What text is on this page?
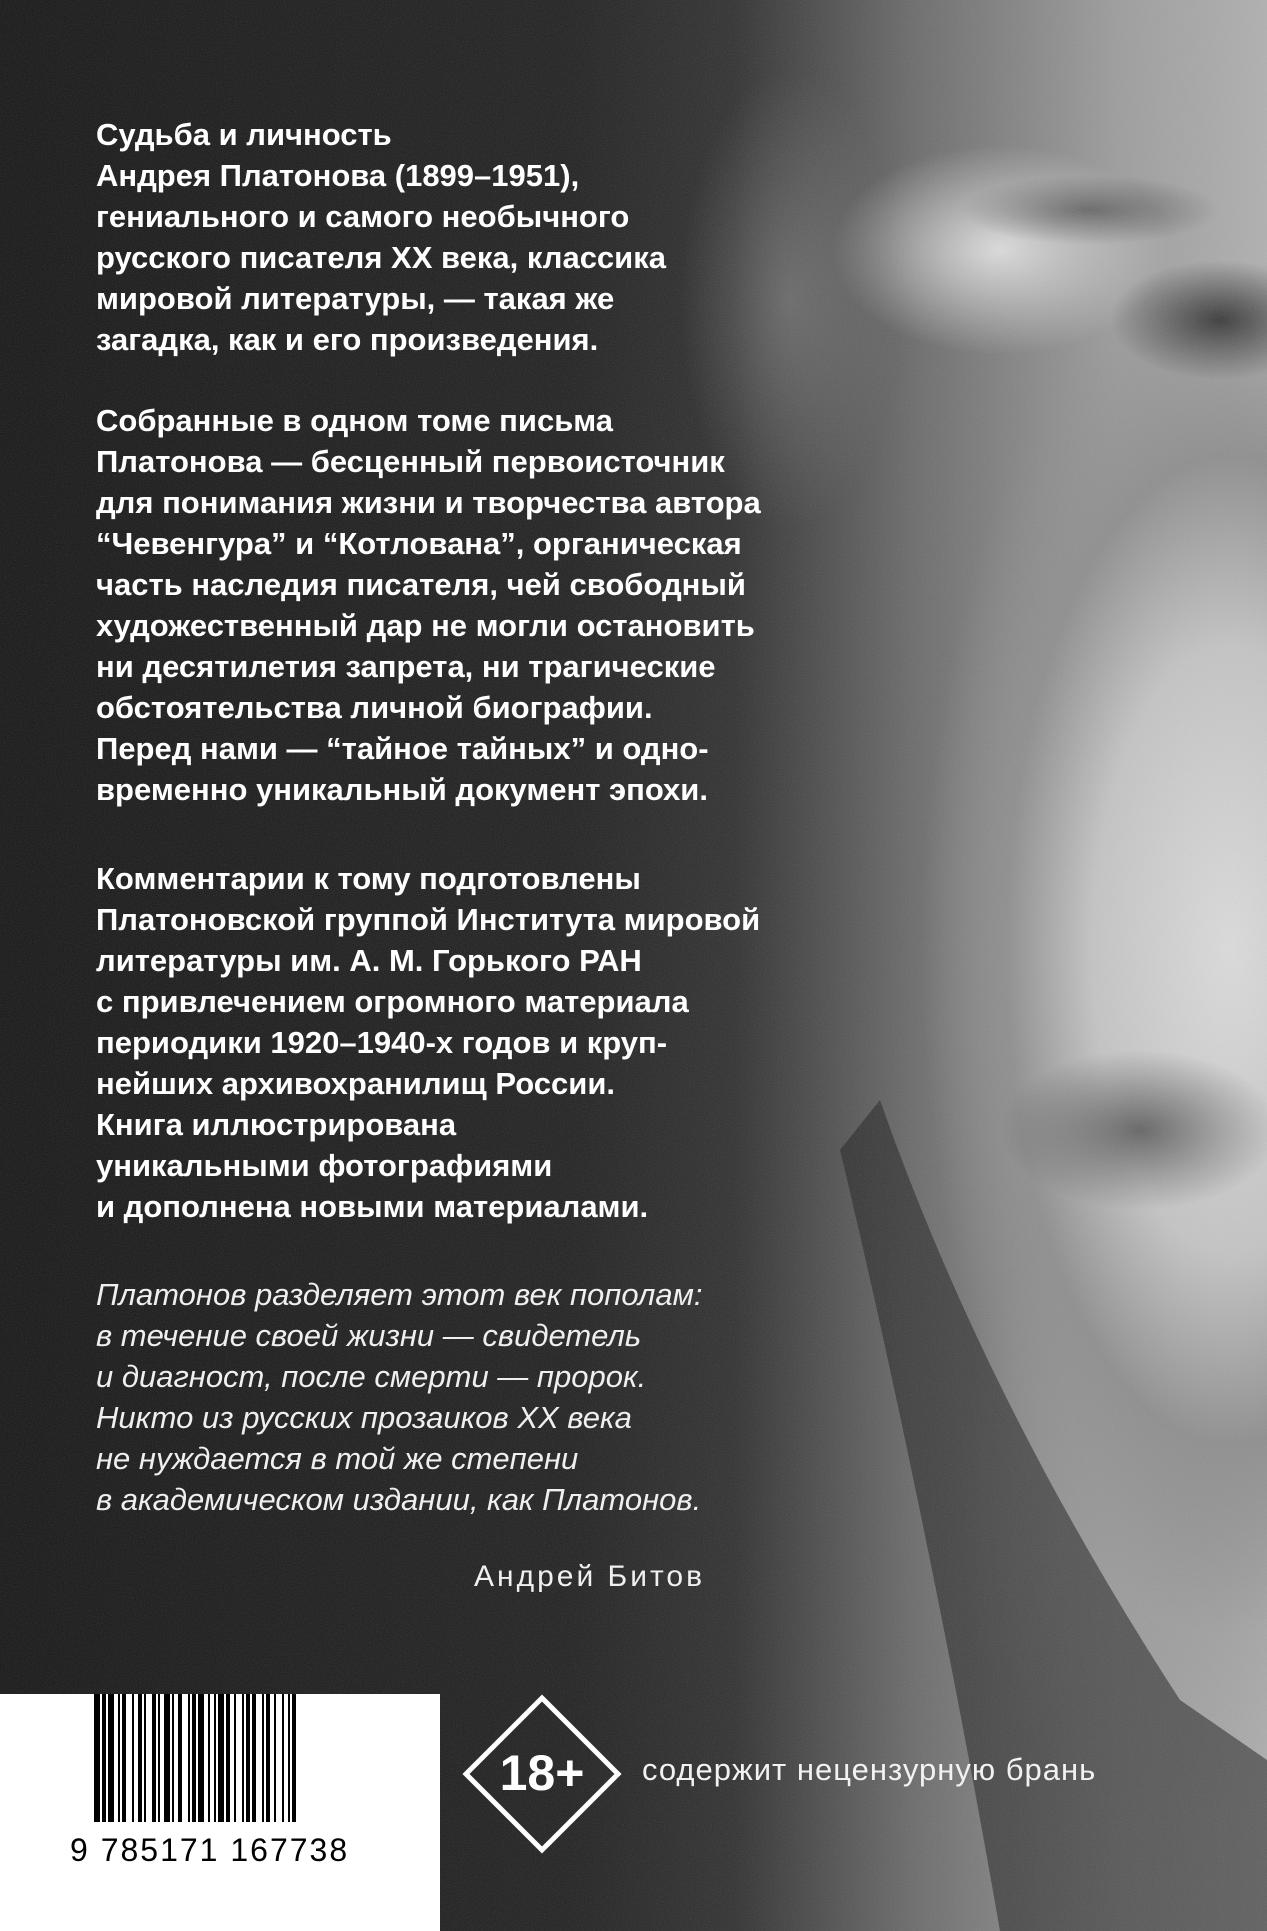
Судьба и личность
Андрея Платонова (1899–1951),
гениального и самого необычного
русского писателя XX века, классика
мировой литературы, — такая же
загадка, как и его произведения.

Собранные в одном томе письма
Платонова — бесценный первоисточник
для понимания жизни и творчества автора
“Чевенгура” и “Котлована”, органическая
часть наследия писателя, чей свободный
художественный дар не могли остановить
ни десятилетия запрета, ни трагические
обстоятельства личной биографии.
Перед нами — “тайное тайных” и одно-
временно уникальный документ эпохи.

Комментарии к тому подготовлены
Платоновской группой Института мировой
литературы им. А. М. Горького РАН
с привлечением огромного материала
периодики 1920–1940-х годов и круп-
нейших архивохранилищ России.
Книга иллюстрирована
уникальными фотографиями
и дополнена новыми материалами.

Платонов разделяет этот век пополам:
в течение своей жизни — свидетель
и диагност, после смерти — пророк.
Никто из русских прозаиков XX века
не нуждается в той же степени
в академическом издании, как Платонов.

Андрей Битов
9 785171 167738
18+ содержит нецензурную брань
